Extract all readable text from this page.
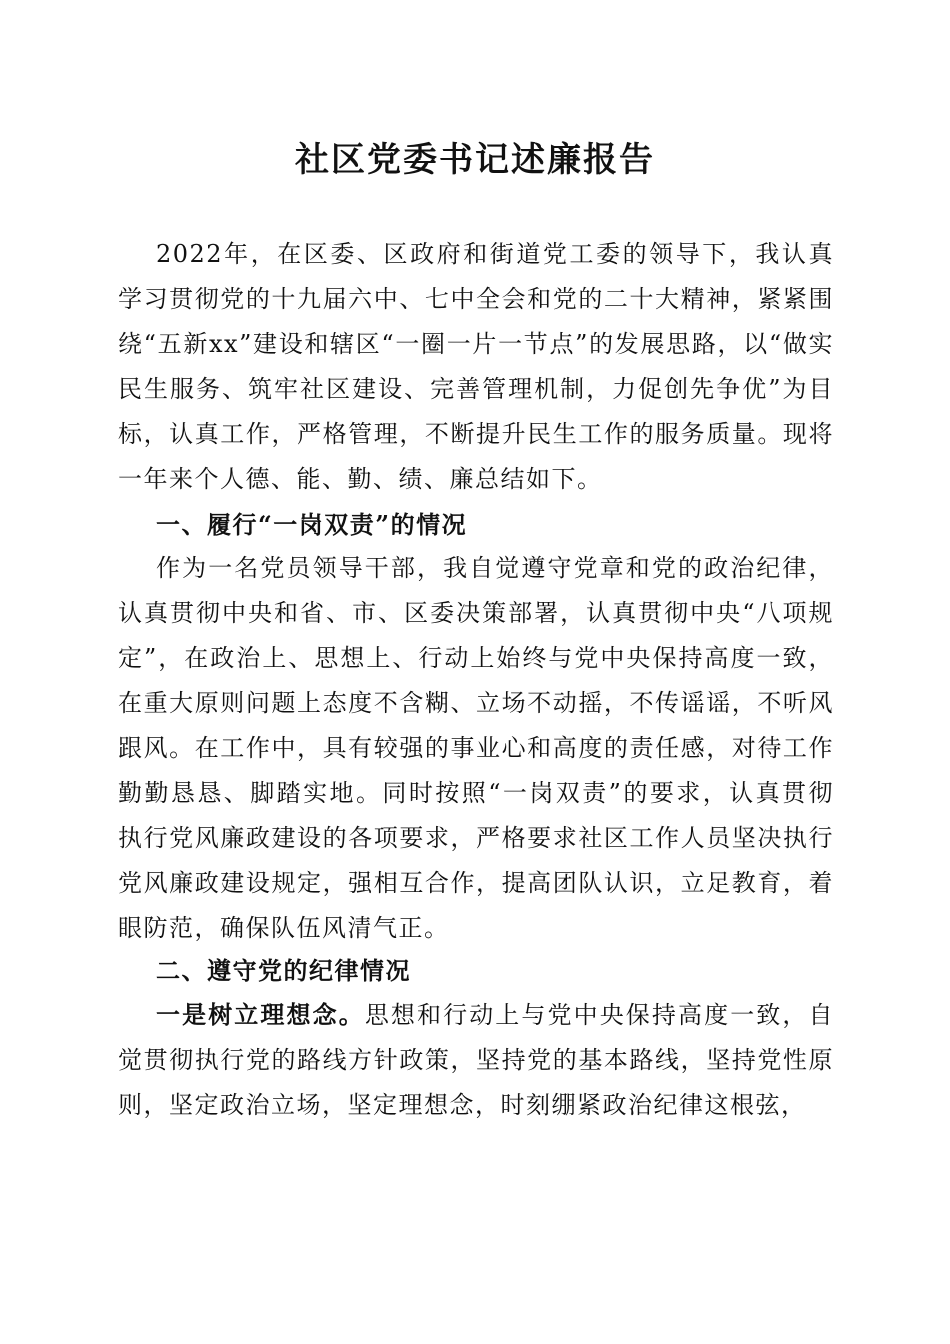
社区党委书记述廉报告

2022年，在区委、区政府和街道党工委的领导下，我认真学习贯彻党的十九届六中、七中全会和党的二十大精神，紧紧围绕“五新xx”建设和辖区“一圈一片一节点”的发展思路，以“做实民生服务、筑牢社区建设、完善管理机制，力促创先争优”为目标，认真工作，严格管理，不断提升民生工作的服务质量。现将一年来个人德、能、勤、绩、廉总结如下。

一、履行“一岗双责”的情况

作为一名党员领导干部，我自觉遵守党章和党的政治纪律，认真贯彻中央和省、市、区委决策部署，认真贯彻中央“八项规定”，在政治上、思想上、行动上始终与党中央保持高度一致，在重大原则问题上态度不含糊、立场不动摇，不传谣谣，不听风跟风。在工作中，具有较强的事业心和高度的责任感，对待工作勤勤恳恳、脚踏实地。同时按照“一岗双责”的要求，认真贯彻执行党风廉政建设的各项要求，严格要求社区工作人员坚决执行党风廉政建设规定，强相互合作，提高团队认识，立足教育，着眼防范，确保队伍风清气正。

二、遵守党的纪律情况

一是树立理想念。思想和行动上与党中央保持高度一致，自觉贯彻执行党的路线方针政策，坚持党的基本路线，坚持党性原则，坚定政治立场，坚定理想念，时刻绷紧政治纪律这根弦，
